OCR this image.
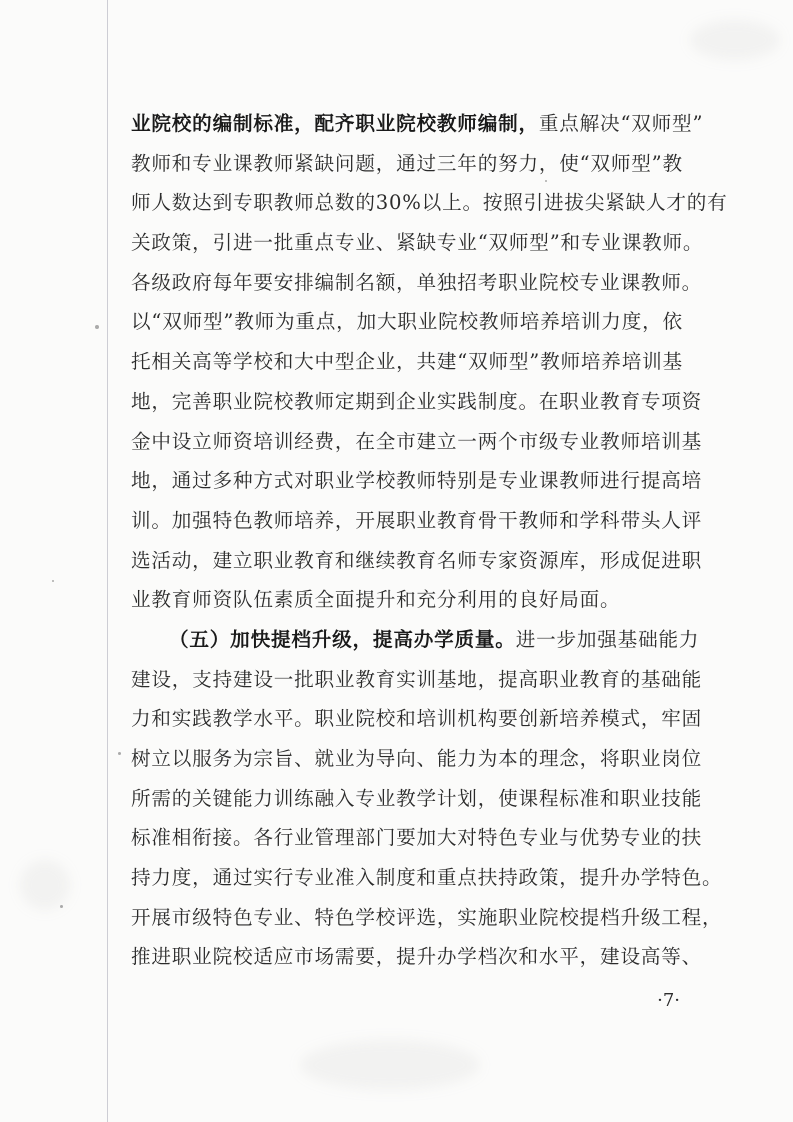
业院校的编制标准，配齐职业院校教师编制，重点解决“双师型”
教师和专业课教师紧缺问题，通过三年的努力，使“双师型”教
师人数达到专职教师总数的30%以上。按照引进拔尖紧缺人才的有
关政策，引进一批重点专业、紧缺专业“双师型”和专业课教师。
各级政府每年要安排编制名额，单独招考职业院校专业课教师。
以“双师型”教师为重点，加大职业院校教师培养培训力度，依
托相关高等学校和大中型企业，共建“双师型”教师培养培训基
地，完善职业院校教师定期到企业实践制度。在职业教育专项资
金中设立师资培训经费，在全市建立一两个市级专业教师培训基
地，通过多种方式对职业学校教师特别是专业课教师进行提高培
训。加强特色教师培养，开展职业教育骨干教师和学科带头人评
选活动，建立职业教育和继续教育名师专家资源库，形成促进职
业教育师资队伍素质全面提升和充分利用的良好局面。
（五）加快提档升级，提高办学质量。进一步加强基础能力
建设，支持建设一批职业教育实训基地，提高职业教育的基础能
力和实践教学水平。职业院校和培训机构要创新培养模式，牢固
树立以服务为宗旨、就业为导向、能力为本的理念，将职业岗位
所需的关键能力训练融入专业教学计划，使课程标准和职业技能
标准相衔接。各行业管理部门要加大对特色专业与优势专业的扶
持力度，通过实行专业准入制度和重点扶持政策，提升办学特色。
开展市级特色专业、特色学校评选，实施职业院校提档升级工程，
推进职业院校适应市场需要，提升办学档次和水平，建设高等、
·7·
